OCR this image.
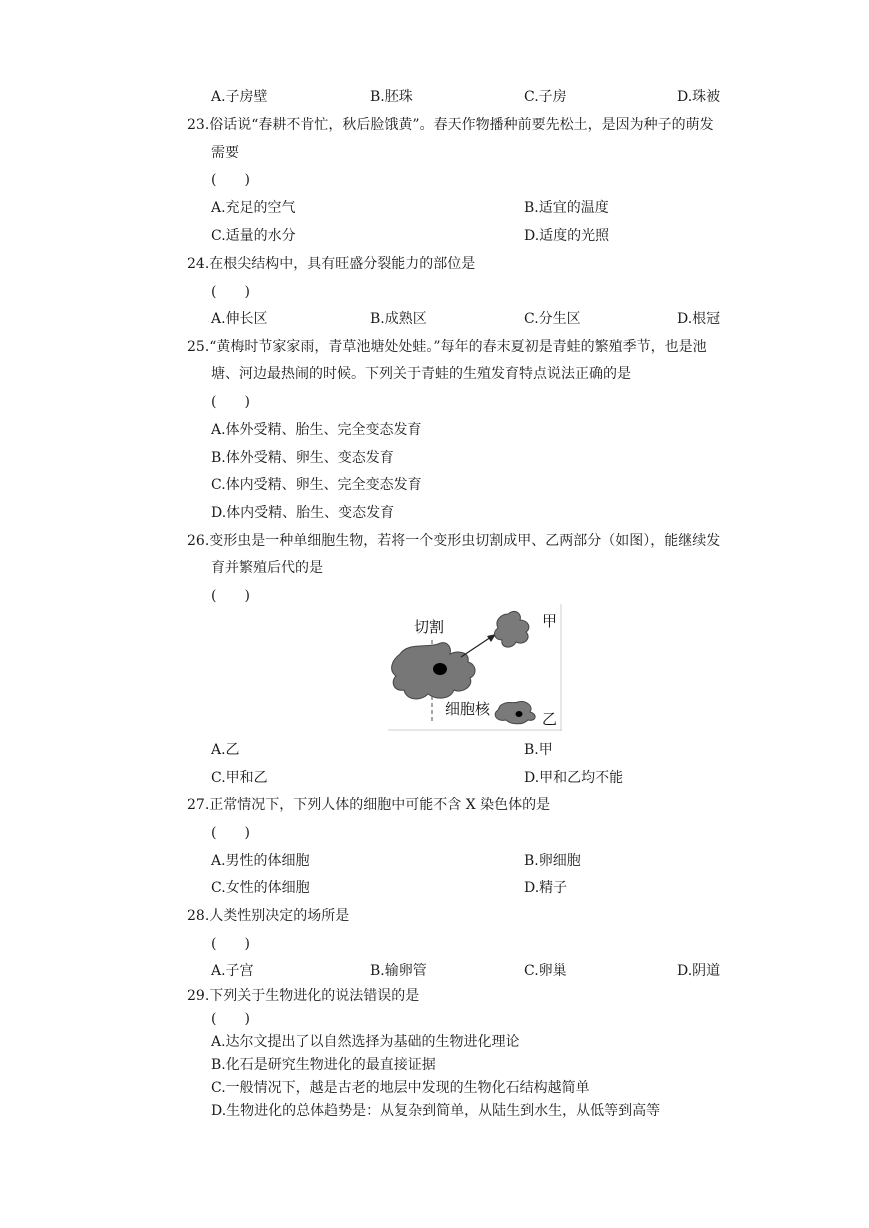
A.子房壁	B.胚珠	C.子房	D.珠被
23.俗话说“春耕不肯忙，秋后脸饿黄”。春天作物播种前要先松土，是因为种子的萌发
需要
(　　)
A.充足的空气	B.适宜的温度
C.适量的水分	D.适度的光照
24.在根尖结构中，具有旺盛分裂能力的部位是
(　　)
A.伸长区	B.成熟区	C.分生区	D.根冠
25.“黄梅时节家家雨，青草池塘处处蛙。”每年的春末夏初是青蛙的繁殖季节，也是池
塘、河边最热闹的时候。下列关于青蛙的生殖发育特点说法正确的是
(　　)
A.体外受精、胎生、完全变态发育
B.体外受精、卵生、变态发育
C.体内受精、卵生、完全变态发育
D.体内受精、胎生、变态发育
26.变形虫是一种单细胞生物，若将一个变形虫切割成甲、乙两部分（如图），能继续发
育并繁殖后代的是
(　　)
切割	甲
乙
细胞核
A.乙	B.甲
C.甲和乙	D.甲和乙均不能
27.正常情况下，下列人体的细胞中可能不含 X 染色体的是
(　　)
A.男性的体细胞	B.卵细胞
C.女性的体细胞	D.精子
28.人类性别决定的场所是
(　　)
A.子宫	B.输卵管	C.卵巢	D.阴道
29.下列关于生物进化的说法错误的是
(　　)
A.达尔文提出了以自然选择为基础的生物进化理论
B.化石是研究生物进化的最直接证据
C.一般情况下，越是古老的地层中发现的生物化石结构越简单
D.生物进化的总体趋势是：从复杂到简单，从陆生到水生，从低等到高等
